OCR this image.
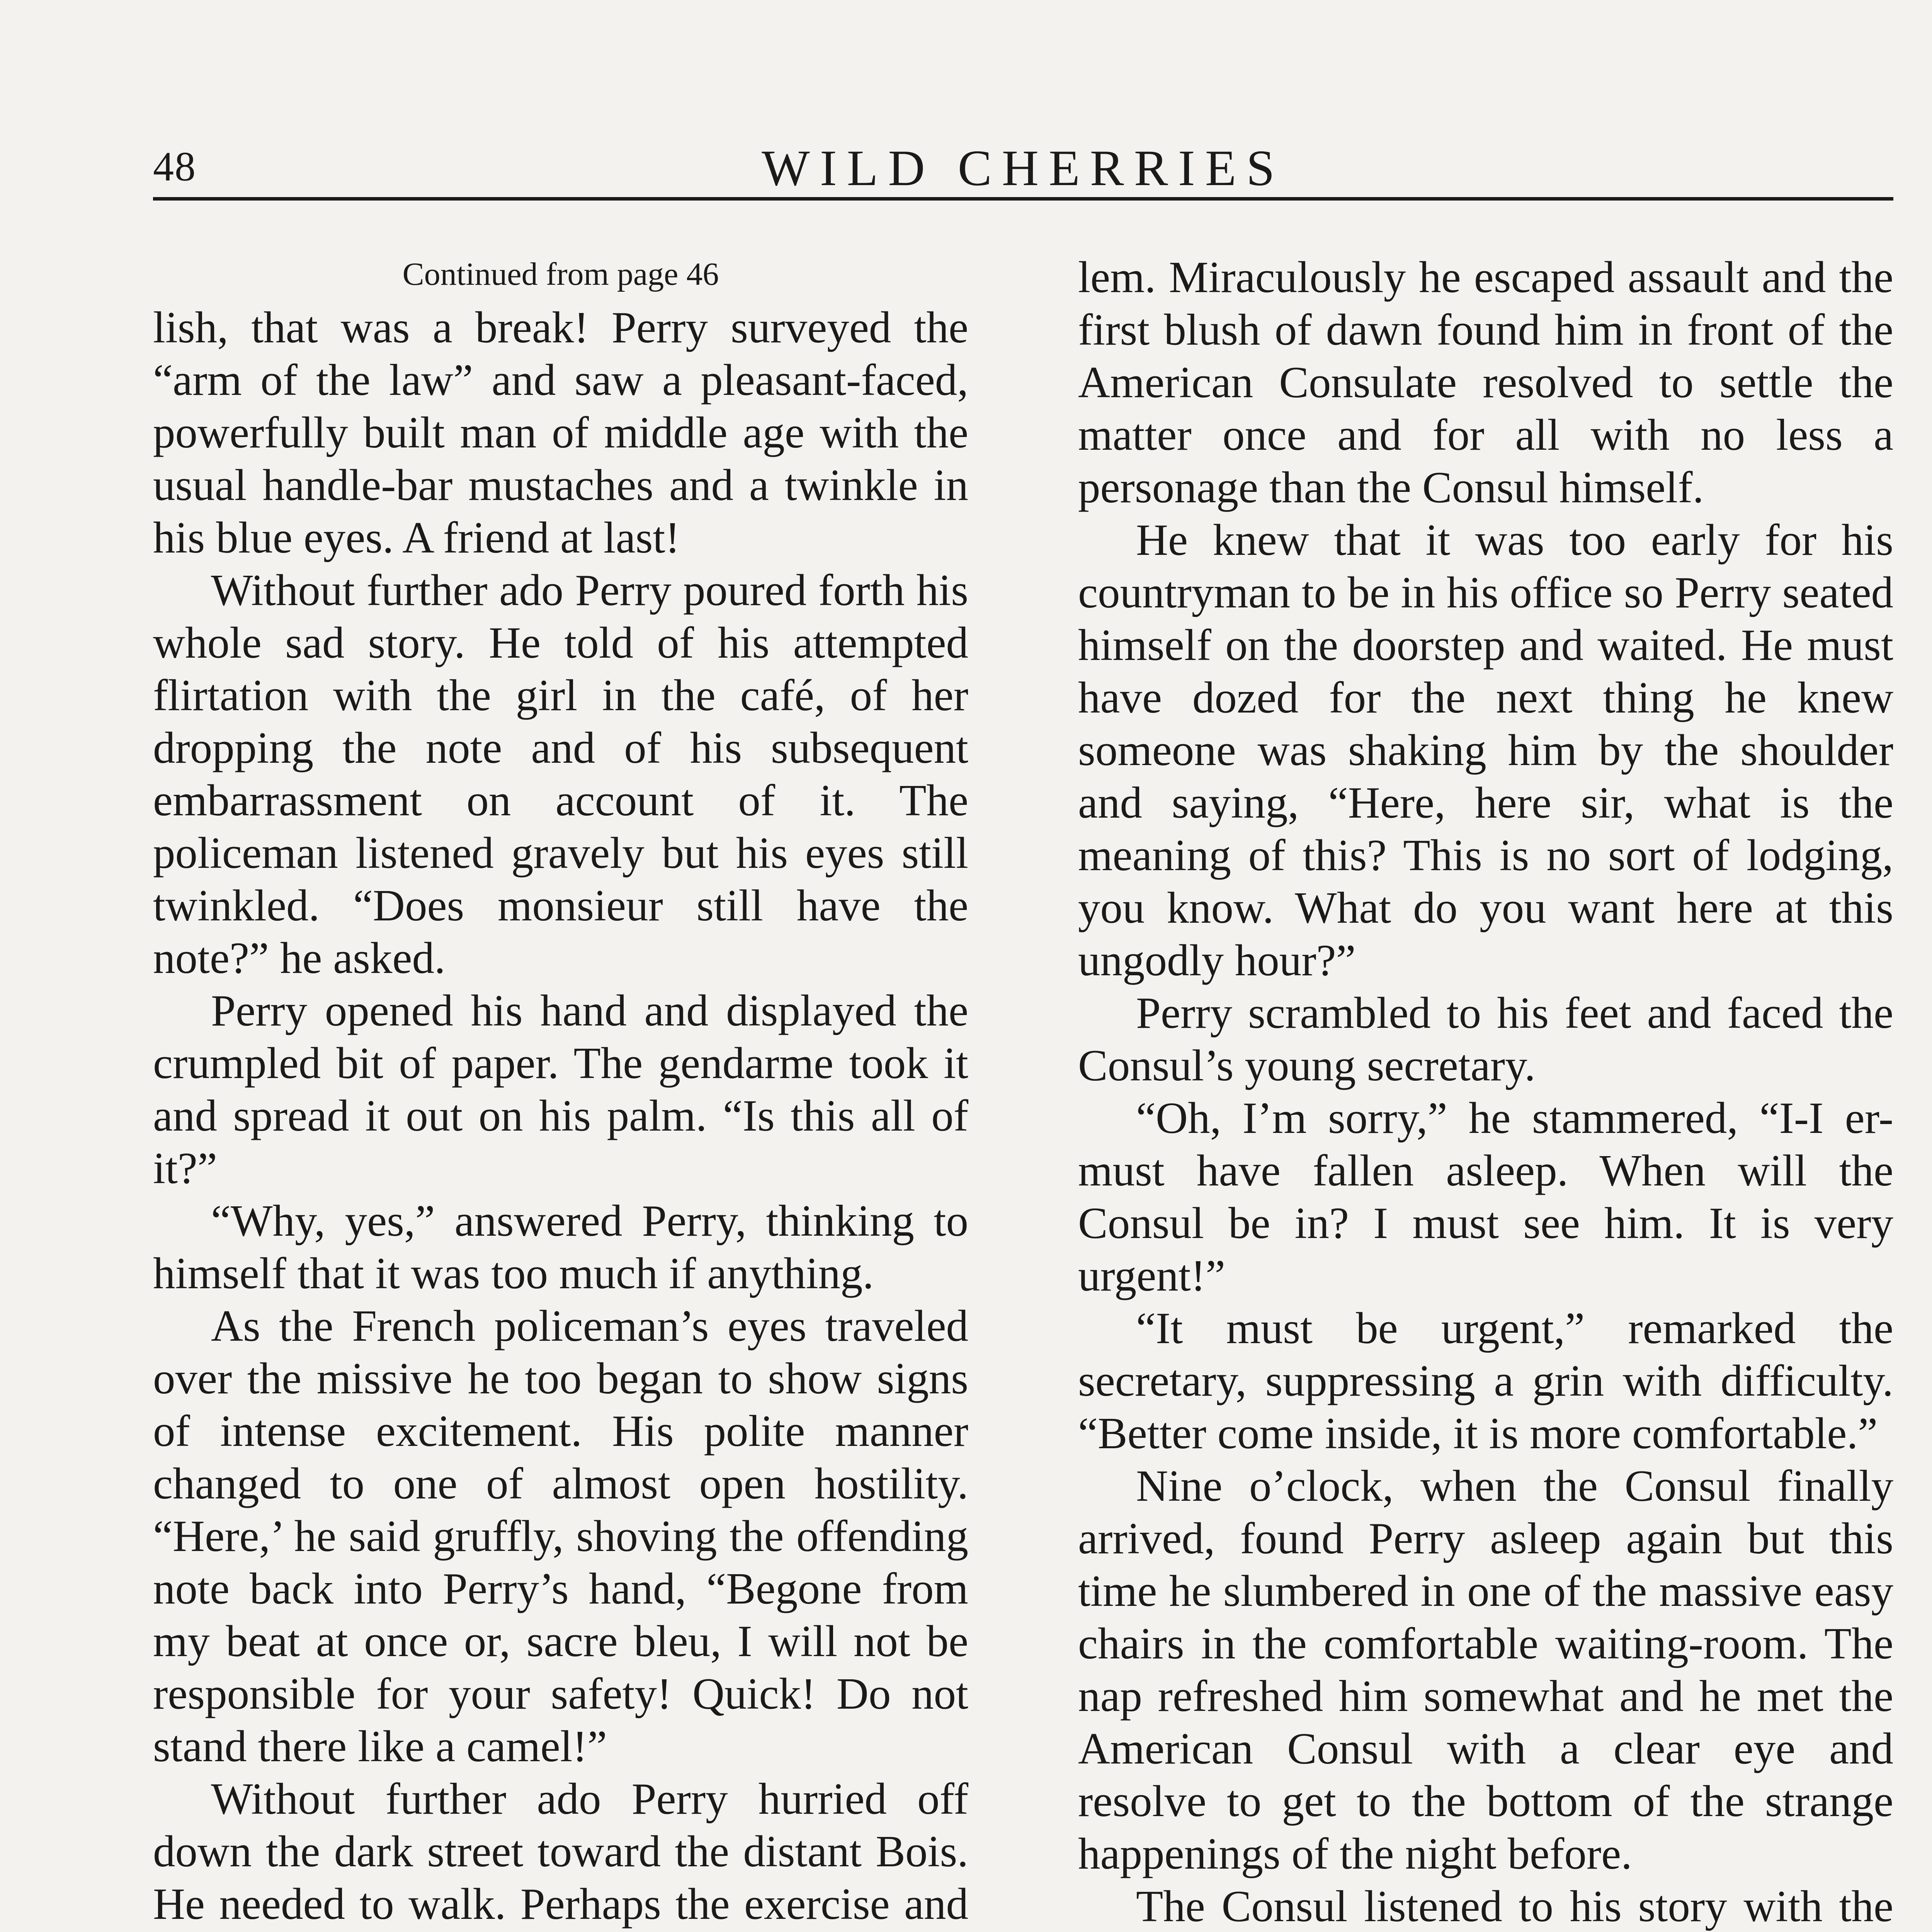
48	WILD CHERRIES
Continued from page 46

lish, that was a break! Perry surveyed the “arm of the law” and saw a pleasant-faced, powerfully built man of middle age with the usual handle-bar mustaches and a twinkle in his blue eyes. A friend at last!

Without further ado Perry poured forth his whole sad story. He told of his attempted flirtation with the girl in the café, of her dropping the note and of his subsequent embarrassment on account of it. The policeman listened gravely but his eyes still twinkled. “Does monsieur still have the note?” he asked.

Perry opened his hand and displayed the crumpled bit of paper. The gendarme took it and spread it out on his palm. “Is this all of it?”

“Why, yes,” answered Perry, thinking to himself that it was too much if anything.

As the French policeman’s eyes traveled over the missive he too began to show signs of intense excitement. His polite manner changed to one of almost open hostility. “Here,’ he said gruffly, shoving the offending note back into Perry’s hand, “Begone from my beat at once or, sacre bleu, I will not be responsible for your safety! Quick! Do not stand there like a camel!”

Without further ado Perry hurried off down the dark street toward the distant Bois. He needed to walk. Perhaps the exercise and

lem. Miraculously he escaped assault and the first blush of dawn found him in front of the American Consulate resolved to settle the matter once and for all with no less a personage than the Consul himself.

He knew that it was too early for his countryman to be in his office so Perry seated himself on the doorstep and waited. He must have dozed for the next thing he knew someone was shaking him by the shoulder and saying, “Here, here sir, what is the meaning of this? This is no sort of lodging, you know. What do you want here at this ungodly hour?”

Perry scrambled to his feet and faced the Consul’s young secretary.

“Oh, I’m sorry,” he stammered, “I-I er-must have fallen asleep. When will the Consul be in? I must see him. It is very urgent!”

“It must be urgent,” remarked the secretary, suppressing a grin with difficulty. “Better come inside, it is more comfortable.”

Nine o’clock, when the Consul finally arrived, found Perry asleep again but this time he slumbered in one of the massive easy chairs in the comfortable waiting-room. The nap refreshed him somewhat and he met the American Consul with a clear eye and resolve to get to the bottom of the strange happenings of the night before.

The Consul listened to his story with the
